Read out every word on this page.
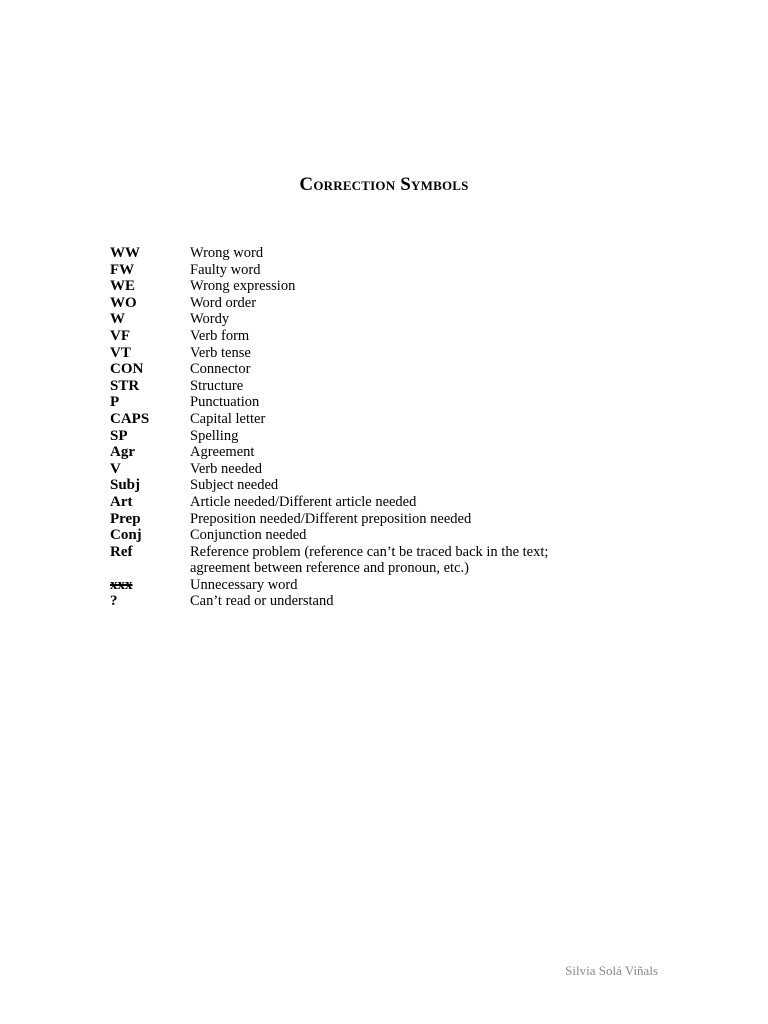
Correction Symbols
WW	Wrong word
FW	Faulty word
WE	Wrong expression
WO	Word order
W	Wordy
VF	Verb form
VT	Verb tense
CON	Connector
STR	Structure
P	Punctuation
CAPS	Capital letter
SP	Spelling
Agr	Agreement
V	Verb needed
Subj	Subject needed
Art	Article needed/Different article needed
Prep	Preposition needed/Different preposition needed
Conj	Conjunction needed
Ref	Reference problem (reference can’t be traced back in the text;
agreement between reference and pronoun, etc.)
xxx	Unnecessary word
?	Can’t read or understand

Silvia Solá Viñals
